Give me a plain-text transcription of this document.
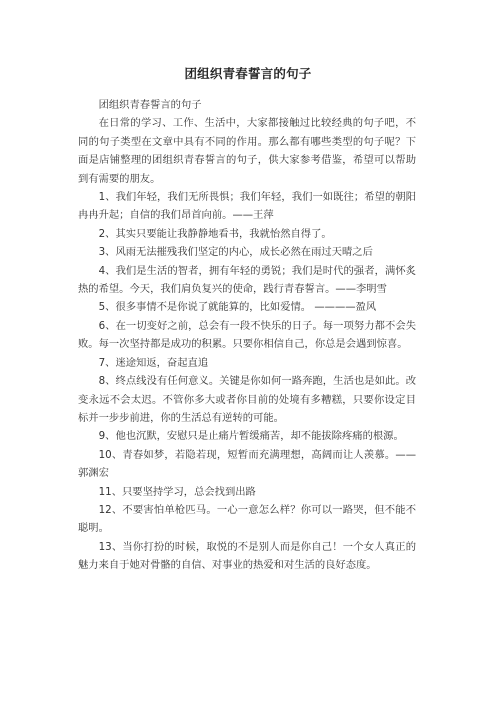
团组织青春誓言的句子

团组织青春誓言的句子

在日常的学习、工作、生活中，大家都接触过比较经典的句子吧，不同的句子类型在文章中具有不同的作用。那么都有哪些类型的句子呢？下面是店铺整理的团组织青春誓言的句子，供大家参考借鉴，希望可以帮助到有需要的朋友。

1、我们年轻，我们无所畏惧；我们年轻，我们一如既往；希望的朝阳冉冉升起；自信的我们昂首向前。——王萍

2、其实只要能让我静静地看书，我就怡然自得了。

3、风雨无法摧残我们坚定的内心，成长必然在雨过天晴之后

4、我们是生活的智者，拥有年轻的勇锐；我们是时代的强者，满怀炙热的希望。今天，我们肩负复兴的使命，践行青春誓言。——李明雪

5、很多事情不是你说了就能算的，比如爱情。 ————盈风

6、在一切变好之前，总会有一段不快乐的日子。每一项努力都不会失败。每一次坚持都是成功的积累。只要你相信自己，你总是会遇到惊喜。

7、迷途知返，奋起直追

8、终点线没有任何意义。关键是你如何一路奔跑，生活也是如此。改变永远不会太迟。不管你多大或者你目前的处境有多糟糕，只要你设定目标并一步步前进，你的生活总有逆转的可能。

9、他也沉默，安慰只是止痛片暂缓痛苦，却不能拔除疼痛的根源。

10、青春如梦，若隐若现，短暂而充满理想，高阔而让人羡慕。——郭渊宏

11、只要坚持学习，总会找到出路

12、不要害怕单枪匹马。一心一意怎么样？你可以一路哭，但不能不聪明。

13、当你打扮的时候，取悦的不是别人而是你自己！一个女人真正的魅力来自于她对骨骼的自信、对事业的热爱和对生活的良好态度。
